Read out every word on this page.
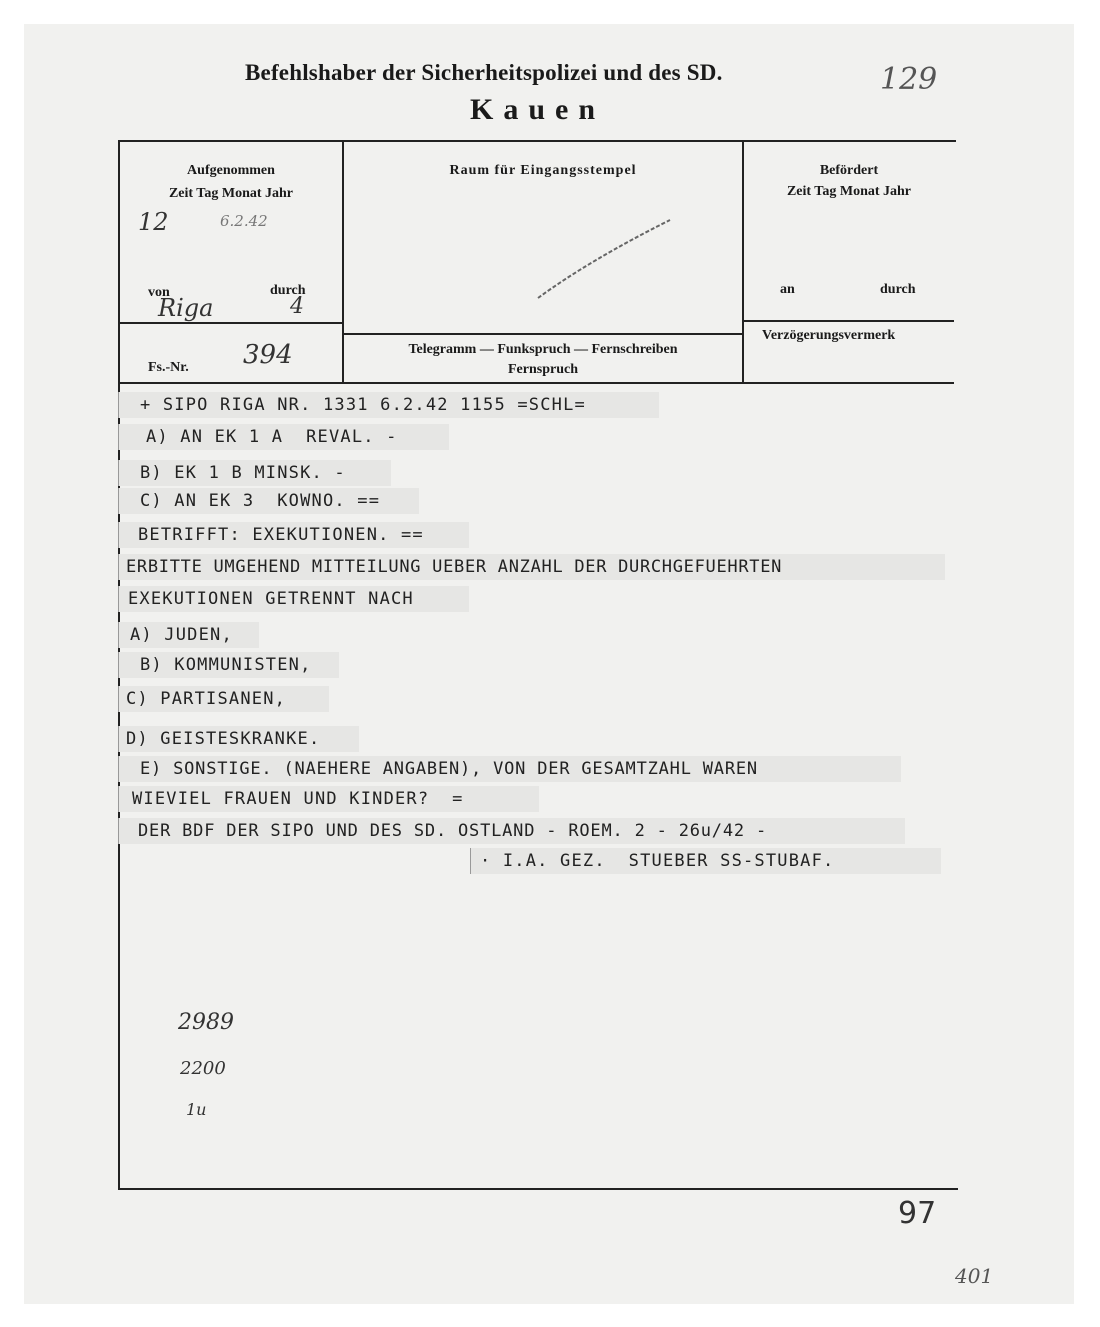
Befehlshaber der Sicherheitspolizei und des SD.
Kauen
129
Aufgenommen
Zeit Tag Monat Jahr
12	6.2.42
von	durch
Riga	4
Fs.-Nr. 394
Raum für Eingangsstempel
Telegramm — Funkspruch — Fernschreiben
Fernspruch
Befördert
Zeit Tag Monat Jahr
an	durch
Verzögerungsvermerk
+ SIPO RIGA NR. 1331 6.2.42 1155 =SCHL=
A) AN EK 1 A  REVAL. -
B) EK 1 B MINSK. -
C) AN EK 3  KOWNO. ==
BETRIFFT: EXEKUTIONEN. ==
ERBITTE UMGEHEND MITTEILUNG UEBER ANZAHL DER DURCHGEFUEHRTEN
EXEKUTIONEN GETRENNT NACH
A) JUDEN,
B) KOMMUNISTEN,
C) PARTISANEN,
D) GEISTESKRANKE.
E) SONSTIGE. (NAEHERE ANGABEN), VON DER GESAMTZAHL WAREN
WIEVIEL FRAUEN UND KINDER?  =
DER BDF DER SIPO UND DES SD. OSTLAND - ROEM. 2 - 26u/42 -
· I.A. GEZ.  STUEBER SS-STUBAF.
2989
2200
1u
97
401
